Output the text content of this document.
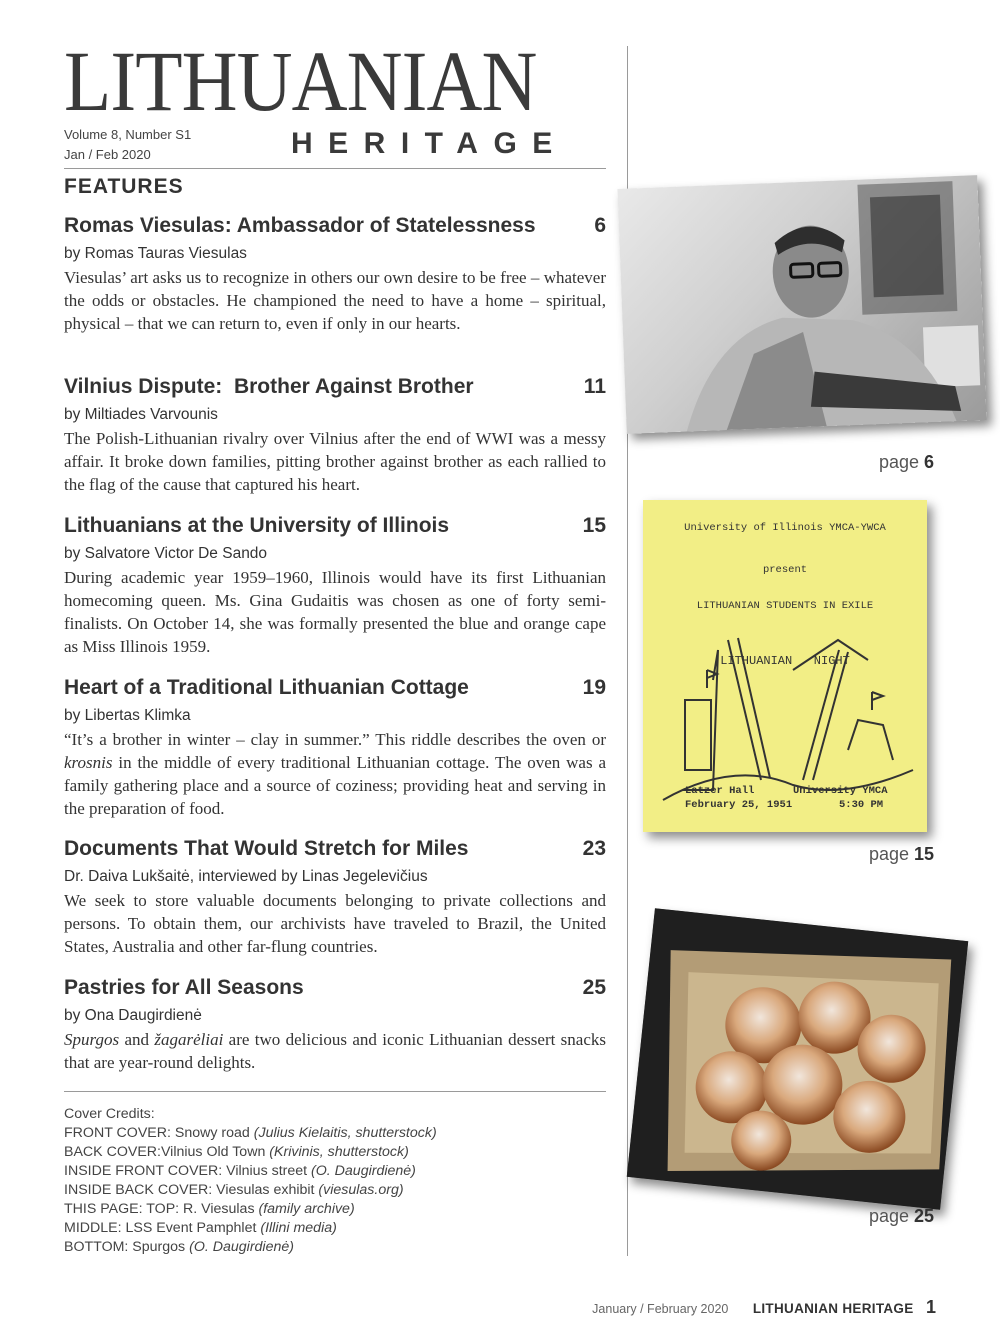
LITHUANIAN
Volume 8, Number S1
Jan / Feb 2020	HERITAGE
FEATURES
Romas Viesulas: Ambassador of Statelessness	6
by Romas Tauras Viesulas
Viesulas’ art asks us to recognize in others our own desire to be free – whatever the odds or obstacles. He championed the need to have a home – spiritual, physical – that we can return to, even if only in our hearts.
Vilnius Dispute:  Brother Against Brother	11
by Miltiades Varvounis
The Polish-Lithuanian rivalry over Vilnius after the end of WWI was a messy affair. It broke down families, pitting brother against brother as each rallied to the flag of the cause that captured his heart.
Lithuanians at the University of Illinois	15
by Salvatore Victor De Sando
During academic year 1959–1960, Illinois would have its first Lithuanian homecoming queen. Ms. Gina Gudaitis was chosen as one of forty semi-finalists. On October 14, she was formally presented the blue and orange cape as Miss Illinois 1959.
Heart of a Traditional Lithuanian Cottage	19
by Libertas Klimka
“It’s a brother in winter – clay in summer.” This riddle describes the oven or krosnis in the middle of every traditional Lithuanian cottage. The oven was a family gathering place and a source of coziness; providing heat and serving in the preparation of food.
Documents That Would Stretch for Miles	23
Dr. Daiva Lukšaitė, interviewed by Linas Jegelevičius
We seek to store valuable documents belonging to private collections and persons. To obtain them, our archivists have traveled to Brazil, the United States, Australia and other far-flung countries.
Pastries for All Seasons	25
by Ona Daugirdienė
Spurgos and žagarėliai are two delicious and iconic Lithuanian dessert snacks that are year-round delights.
Cover Credits:
FRONT COVER: Snowy road (Julius Kielaitis, shutterstock)
BACK COVER:Vilnius Old Town (Krivinis, shutterstock)
INSIDE FRONT COVER: Vilnius street (O. Daugirdienė)
INSIDE BACK COVER: Viesulas exhibit (viesulas.org)
THIS PAGE: TOP: R. Viesulas (family archive)
MIDDLE: LSS Event Pamphlet (Illini media)
BOTTOM: Spurgos (O. Daugirdienė)
page 6
University of Illinois YMCA-YWCA
present
LITHUANIAN STUDENTS IN EXILE
LITHUANIAN   NIGHT
Latzer Hall	University YMCA
February 25, 1951	5:30 PM
page 15
page 25
January / February 2020 LITHUANIAN HERITAGE 1
